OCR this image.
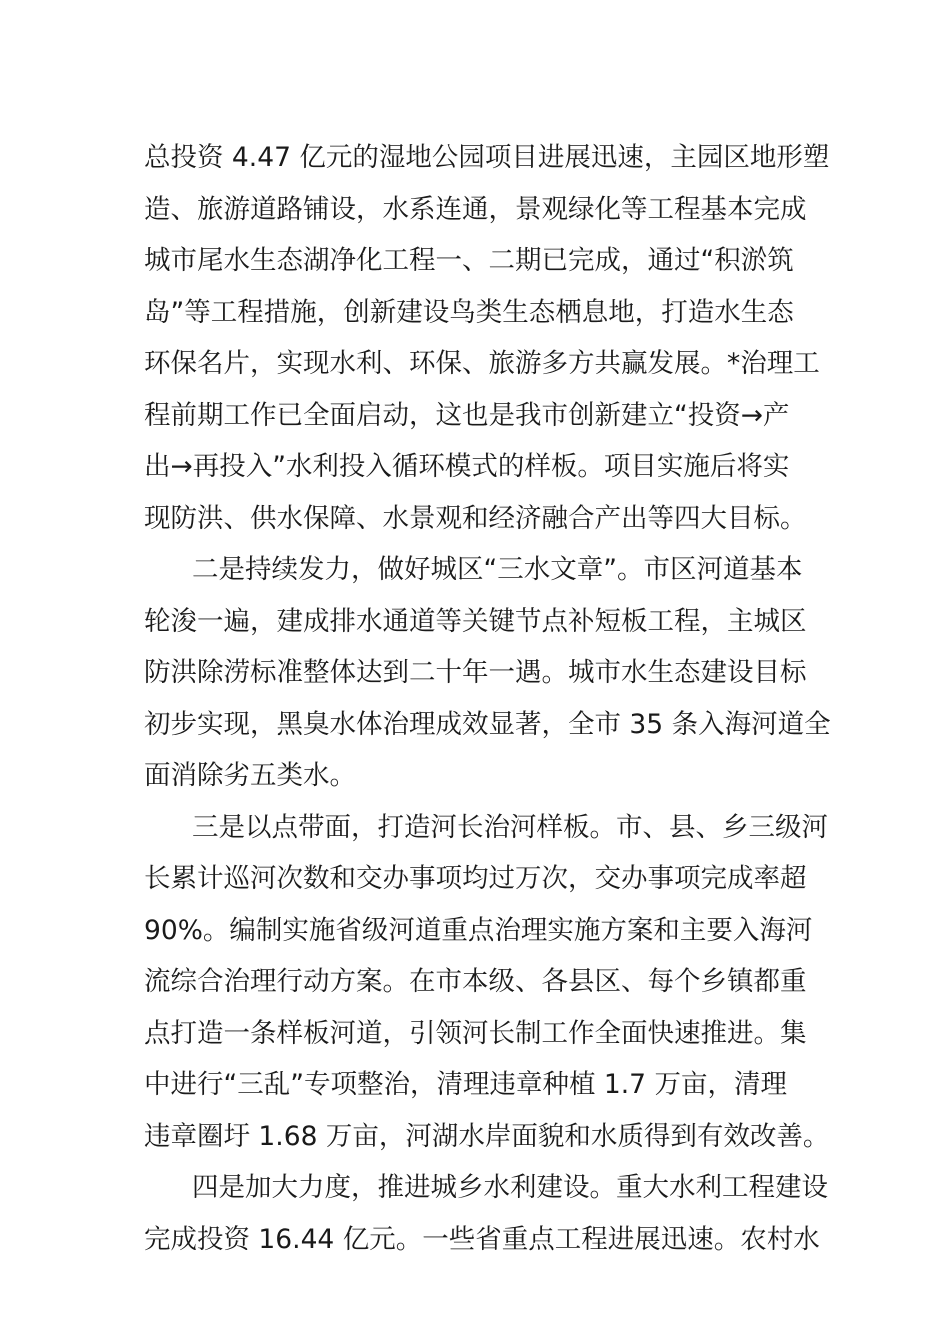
总投资 4.47 亿元的湿地公园项目进展迅速，主园区地形塑
造、旅游道路铺设，水系连通，景观绿化等工程基本完成
城市尾水生态湖净化工程一、二期已完成，通过“积淤筑
岛”等工程措施，创新建设鸟类生态栖息地，打造水生态
环保名片，实现水利、环保、旅游多方共赢发展。*治理工
程前期工作已全面启动，这也是我市创新建立“投资→产
出→再投入”水利投入循环模式的样板。项目实施后将实
现防洪、供水保障、水景观和经济融合产出等四大目标。
二是持续发力，做好城区“三水文章”。市区河道基本
轮浚一遍，建成排水通道等关键节点补短板工程，主城区
防洪除涝标准整体达到二十年一遇。城市水生态建设目标
初步实现，黑臭水体治理成效显著，全市 35 条入海河道全
面消除劣五类水。
三是以点带面，打造河长治河样板。市、县、乡三级河
长累计巡河次数和交办事项均过万次，交办事项完成率超
90%。编制实施省级河道重点治理实施方案和主要入海河
流综合治理行动方案。在市本级、各县区、每个乡镇都重
点打造一条样板河道，引领河长制工作全面快速推进。集
中进行“三乱”专项整治，清理违章种植 1.7 万亩，清理
违章圈圩 1.68 万亩，河湖水岸面貌和水质得到有效改善。
四是加大力度，推进城乡水利建设。重大水利工程建设
完成投资 16.44 亿元。一些省重点工程进展迅速。农村水
